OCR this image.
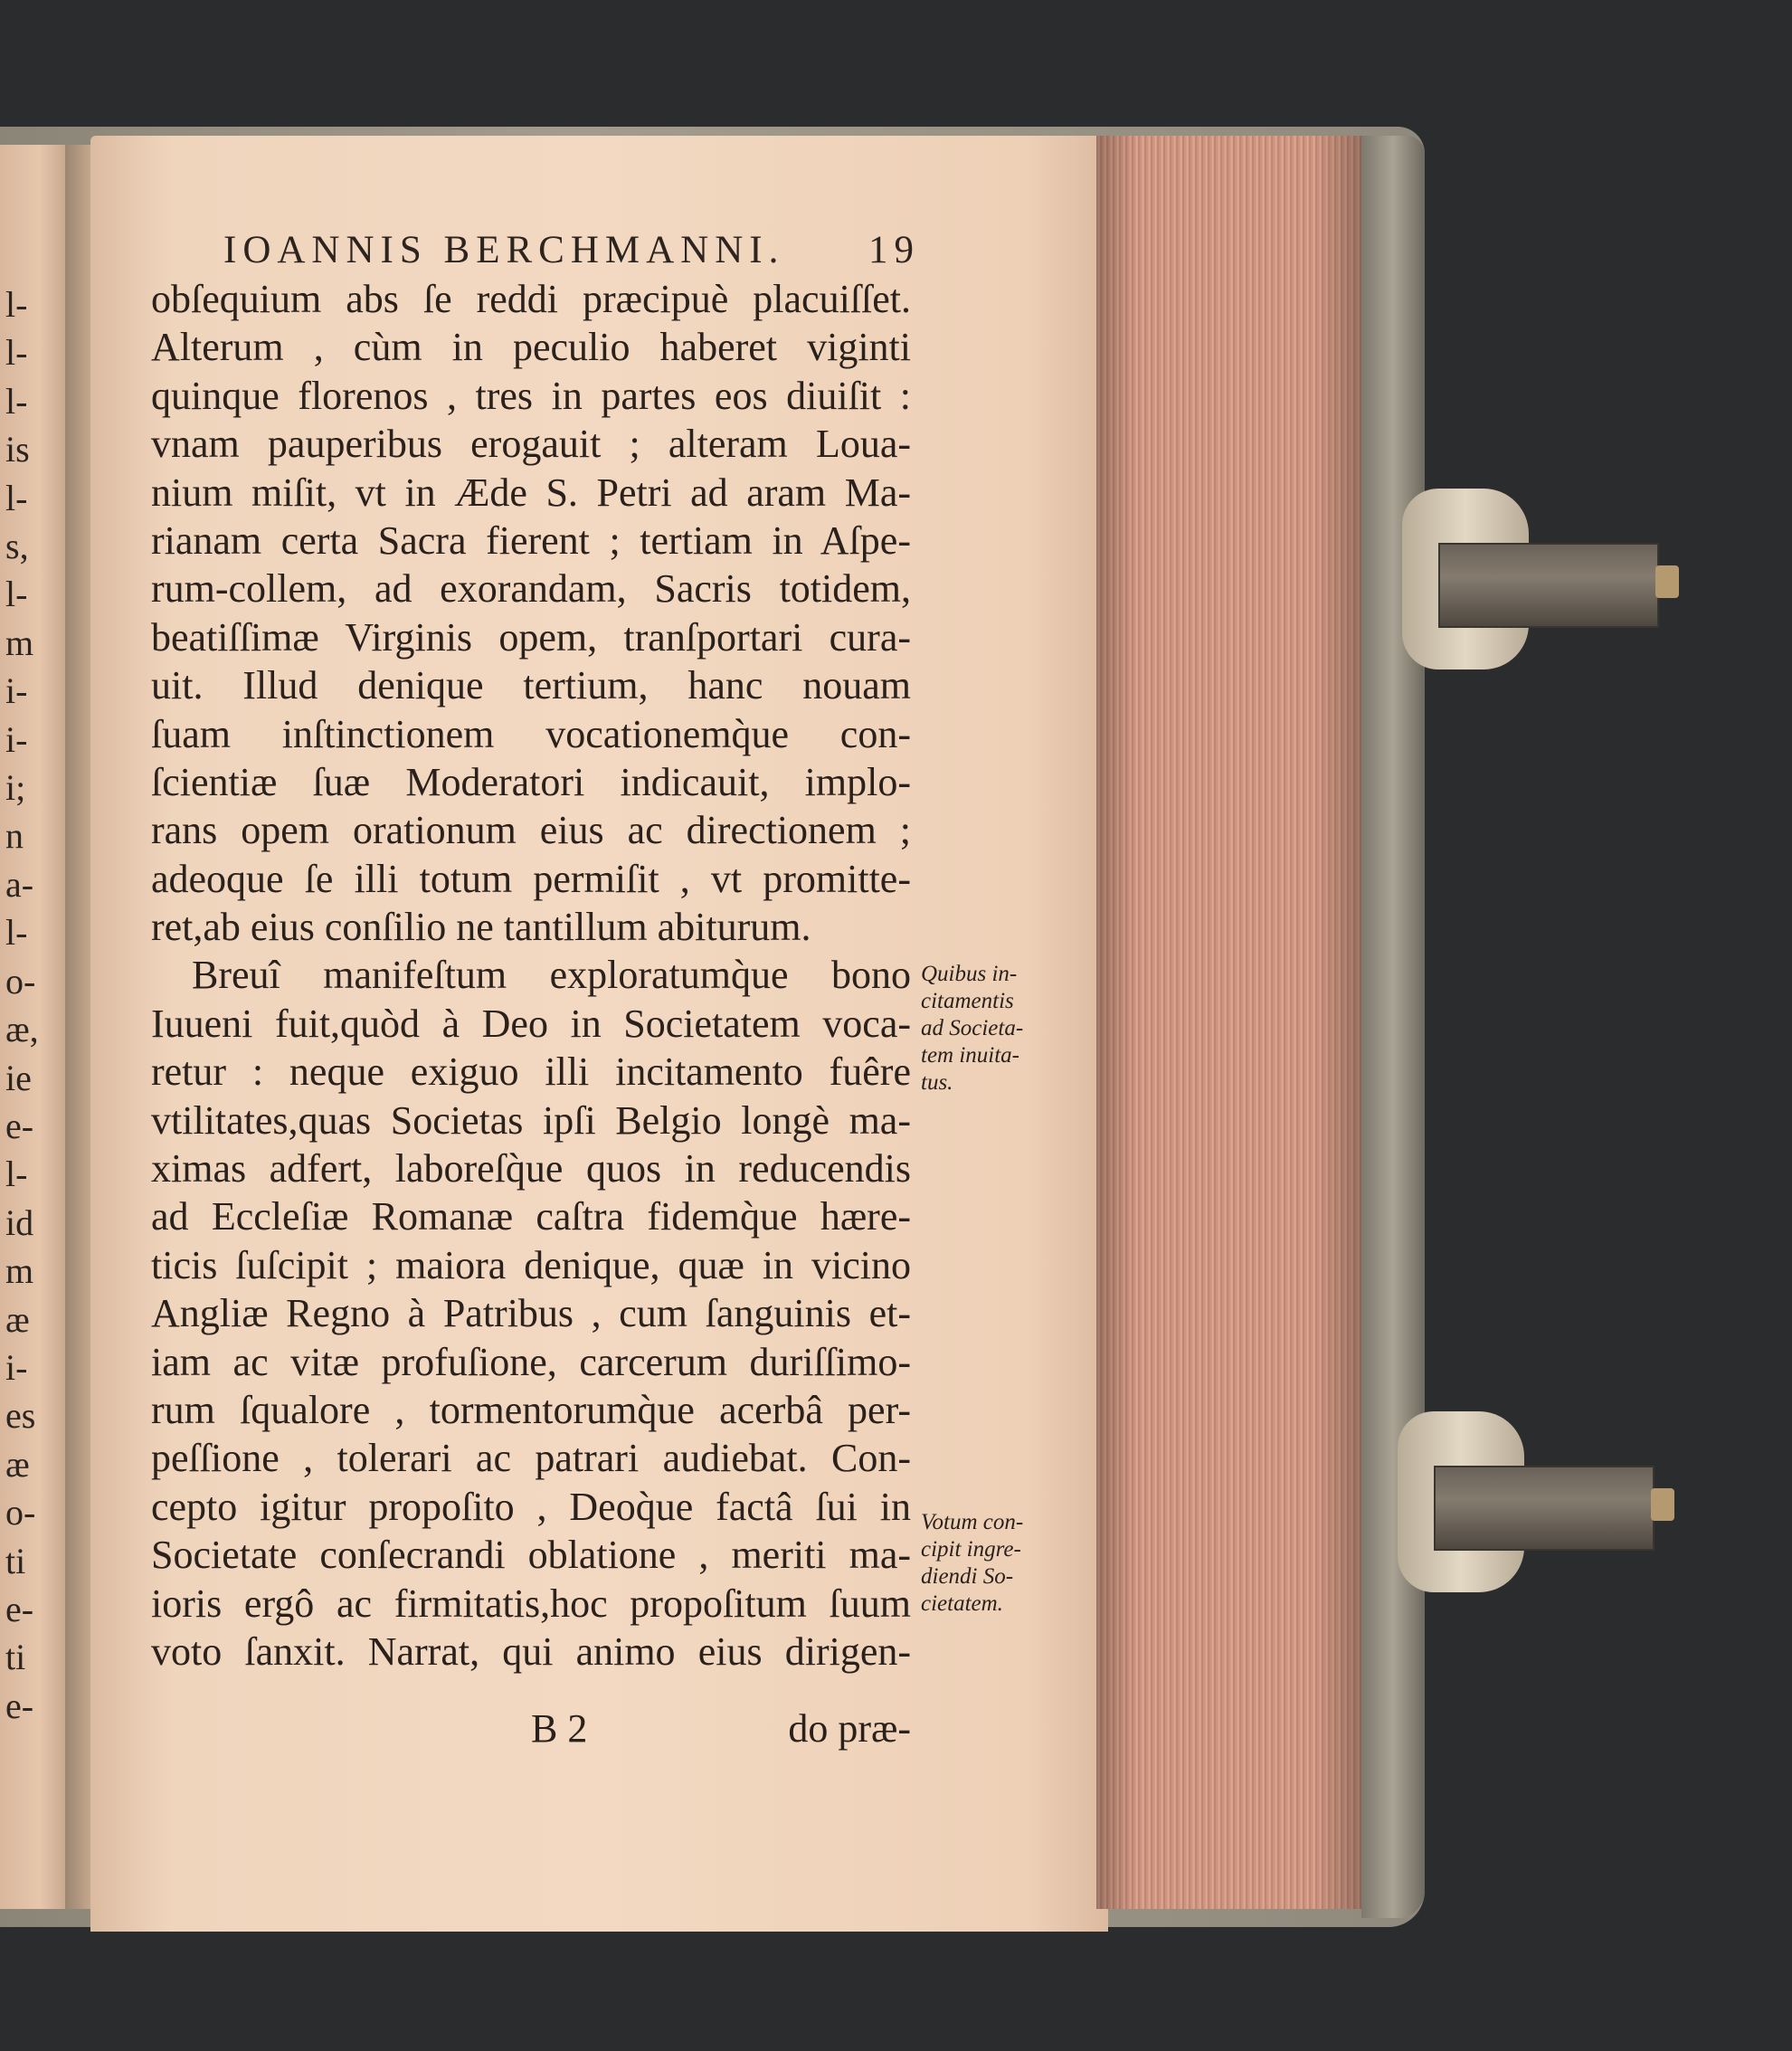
l-
l-
l-
is
l-
s,
l-
m
i-
i-
i;
n
a-
l-
o-
æ,
ie
e-
l-
id
m
æ
i-
es
æ
o-
ti
e-
ti
e-
IOANNIS BERCHMANNI. 19
obſequium abs ſe reddi præcipuè placuiſſet.
Alterum , cùm in peculio haberet viginti
quinque florenos , tres in partes eos diuiſit :
vnam pauperibus erogauit ; alteram Loua-
nium miſit, vt in Æde S. Petri ad aram Ma-
rianam certa Sacra fierent ; tertiam in Aſpe-
rum-collem, ad exorandam, Sacris totidem,
beatiſſimæ Virginis opem, tranſportari cura-
uit. Illud denique tertium, hanc nouam
ſuam inſtinctionem vocationemq̀ue con-
ſcientiæ ſuæ Moderatori indicauit, implo-
rans opem orationum eius ac directionem ;
adeoque ſe illi totum permiſit , vt promitte-
ret,ab eius conſilio ne tantillum abiturum.
Breuî manifeſtum exploratumq̀ue bono
Iuueni fuit,quòd à Deo in Societatem voca-
retur : neque exiguo illi incitamento fuêre
vtilitates,quas Societas ipſi Belgio longè ma-
ximas adfert, laboreſq̀ue quos in reducendis
ad Eccleſiæ Romanæ caſtra fidemq̀ue hære-
ticis ſuſcipit ; maiora denique, quæ in vicino
Angliæ Regno à Patribus , cum ſanguinis et-
iam ac vitæ profuſione, carcerum duriſſimo-
rum ſqualore , tormentorumq̀ue acerbâ per-
peſſione , tolerari ac patrari audiebat. Con-
cepto igitur propoſito , Deoq̀ue factâ ſui in
Societate conſecrandi oblatione , meriti ma-
ioris ergô ac firmitatis,hoc propoſitum ſuum
voto ſanxit. Narrat, qui animo eius dirigen-
B 2	do præ-
Quibus in-
citamentis
ad Societa-
tem inuita-
tus.
Votum con-
cipit ingre-
diendi So-
cietatem.
